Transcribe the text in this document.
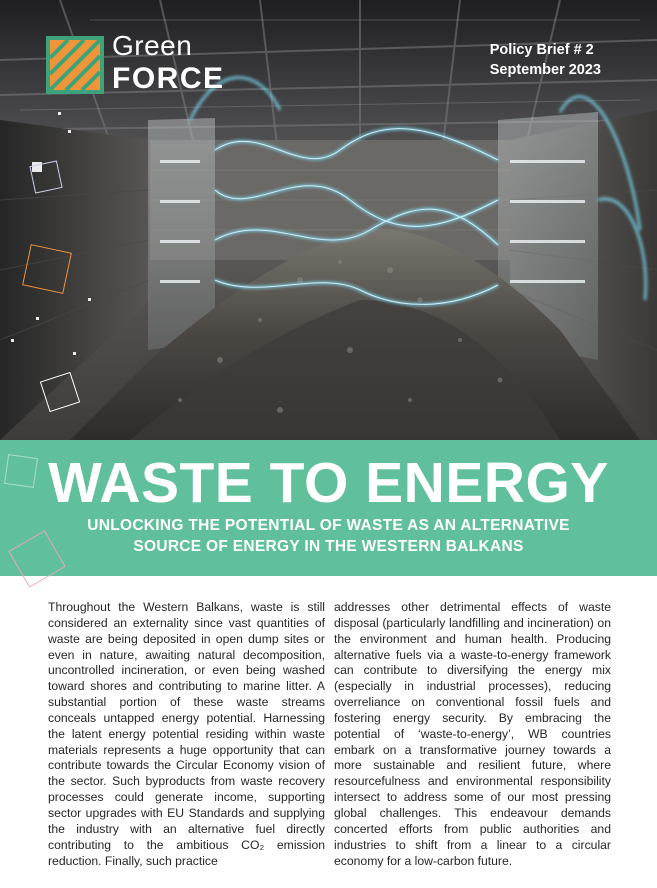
Green
FORCE
Policy Brief # 2
September 2023
WASTE TO ENERGY
UNLOCKING THE POTENTIAL OF WASTE AS AN ALTERNATIVE
SOURCE OF ENERGY IN THE WESTERN BALKANS
Throughout the Western Balkans, waste is still considered an externality since vast quantities of waste are being deposited in open dump sites or even in nature, awaiting natural decomposition, uncontrolled incineration, or even being washed toward shores and contributing to marine litter. A substantial portion of these waste streams conceals untapped energy potential. Harnessing the latent energy potential residing within waste materials represents a huge opportunity that can contribute towards the Circular Economy vision of the sector. Such byproducts from waste recovery processes could generate income, supporting sector upgrades with EU Standards and supplying the industry with an alternative fuel directly contributing to the ambitious CO₂ emission reduction. Finally, such practice
addresses other detrimental effects of waste disposal (particularly landfilling and incineration) on the environment and human health. Producing alternative fuels via a waste-to-energy framework can contribute to diversifying the energy mix (especially in industrial processes), reducing overreliance on conventional fossil fuels and fostering energy security. By embracing the potential of ‘waste-to-energy’, WB countries embark on a transformative journey towards a more sustainable and resilient future, where resourcefulness and environmental responsibility intersect to address some of our most pressing global challenges. This endeavour demands concerted efforts from public authorities and industries to shift from a linear to a circular economy for a low-carbon future.
